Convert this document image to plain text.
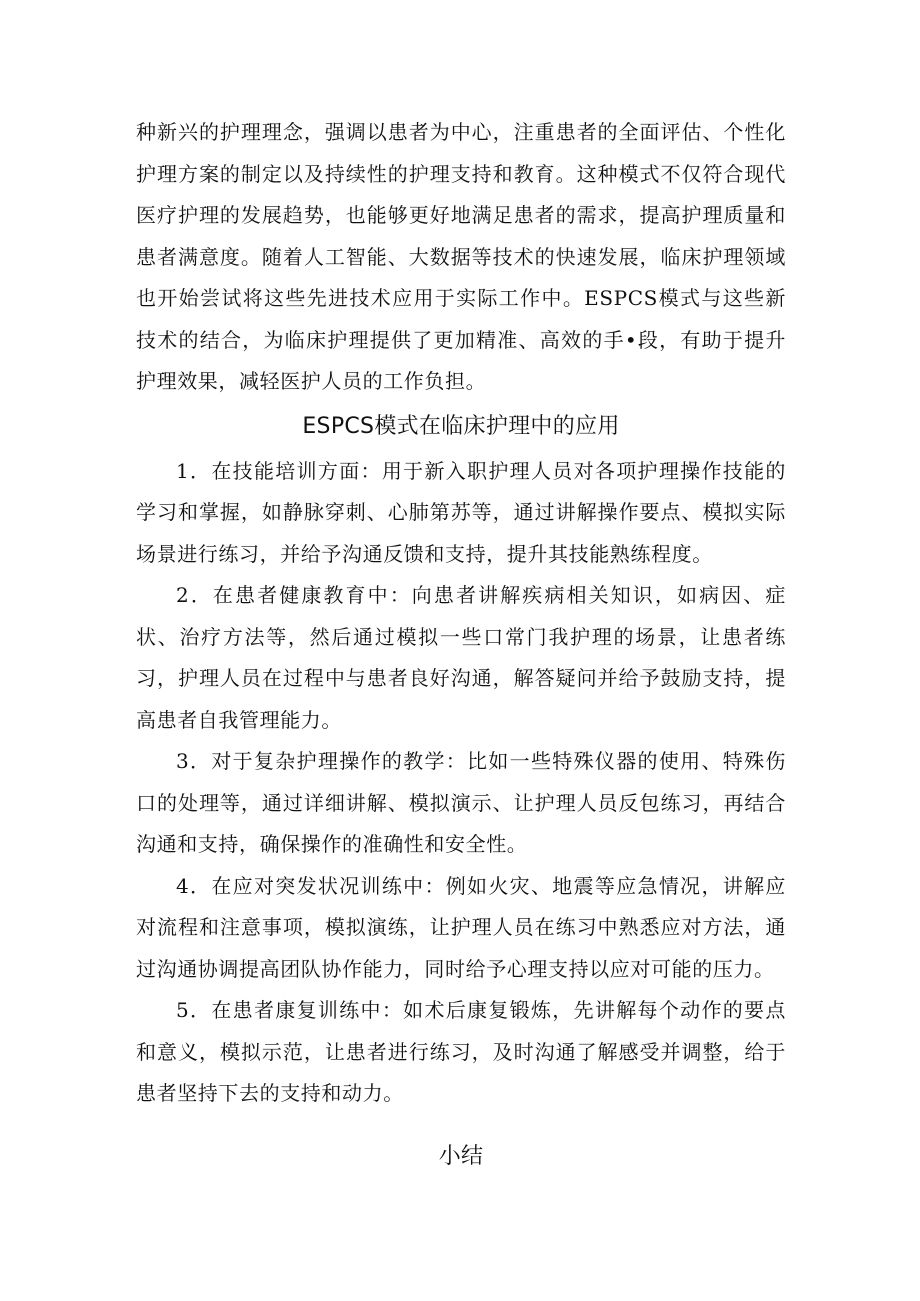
种新兴的护理理念，强调以患者为中心，注重患者的全面评估、个性化护理方案的制定以及持续性的护理支持和教育。这种模式不仅符合现代医疗护理的发展趋势，也能够更好地满足患者的需求，提高护理质量和患者满意度。随着人工智能、大数据等技术的快速发展，临床护理领域也开始尝试将这些先进技术应用于实际工作中。ESPCS模式与这些新技术的结合，为临床护理提供了更加精准、高效的手•段，有助于提升护理效果，减轻医护人员的工作负担。

ESPCS模式在临床护理中的应用

1．在技能培训方面：用于新入职护理人员对各项护理操作技能的学习和掌握，如静脉穿刺、心肺第苏等，通过讲解操作要点、模拟实际场景进行练习，并给予沟通反馈和支持，提升其技能熟练程度。

2．在患者健康教育中：向患者讲解疾病相关知识，如病因、症状、治疗方法等，然后通过模拟一些口常门我护理的场景，让患者练习，护理人员在过程中与患者良好沟通，解答疑问并给予鼓励支持，提高患者自我管理能力。

3．对于复杂护理操作的教学：比如一些特殊仪器的使用、特殊伤口的处理等，通过详细讲解、模拟演示、让护理人员反包练习，再结合沟通和支持，确保操作的准确性和安全性。

4．在应对突发状况训练中：例如火灾、地震等应急情况，讲解应对流程和注意事项，模拟演练，让护理人员在练习中熟悉应对方法，通过沟通协调提高团队协作能力，同时给予心理支持以应对可能的压力。

5．在患者康复训练中：如术后康复锻炼，先讲解每个动作的要点和意义，模拟示范，让患者进行练习，及时沟通了解感受并调整，给于患者坚持下去的支持和动力。

小结
